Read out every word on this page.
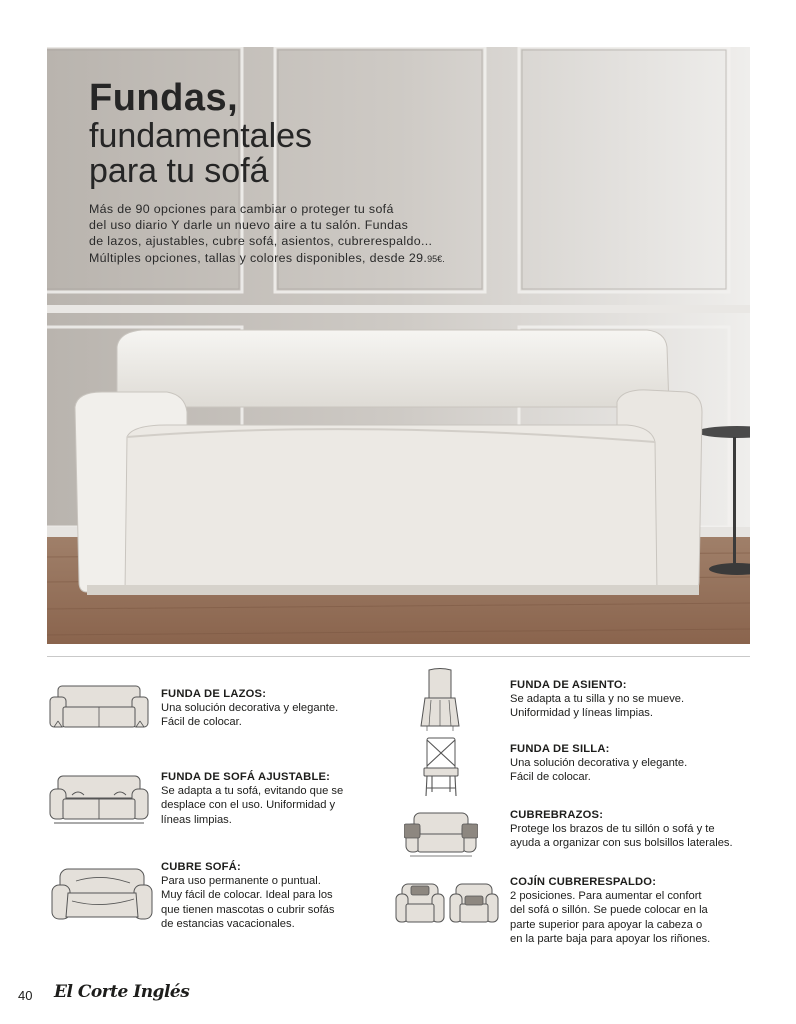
Fundas,
fundamentales
para tu sofá

Más de 90 opciones para cambiar o proteger tu sofá
del uso diario Y darle un nuevo aire a tu salón. Fundas
de lazos, ajustables, cubre sofá, asientos, cubrerespaldo...
Múltiples opciones, tallas y colores disponibles, desde 29.95€.

FUNDA DE LAZOS:
Una solución decorativa y elegante.
Fácil de colocar.
FUNDA DE SOFÁ AJUSTABLE:
Se adapta a tu sofá, evitando que se
desplace con el uso. Uniformidad y
líneas limpias.
CUBRE SOFÁ:
Para uso permanente o puntual.
Muy fácil de colocar. Ideal para los
que tienen mascotas o cubrir sofás
de estancias vacacionales.
FUNDA DE ASIENTO:
Se adapta a tu silla y no se mueve.
Uniformidad y líneas limpias.
FUNDA DE SILLA:
Una solución decorativa y elegante.
Fácil de colocar.
CUBREBRAZOS:
Protege los brazos de tu sillón o sofá y te
ayuda a organizar con sus bolsillos laterales.
COJÍN CUBRERESPALDO:
2 posiciones. Para aumentar el confort
del sofá o sillón. Se puede colocar en la
parte superior para apoyar la cabeza o
en la parte baja para apoyar los riñones.
40 El Corte Inglés
